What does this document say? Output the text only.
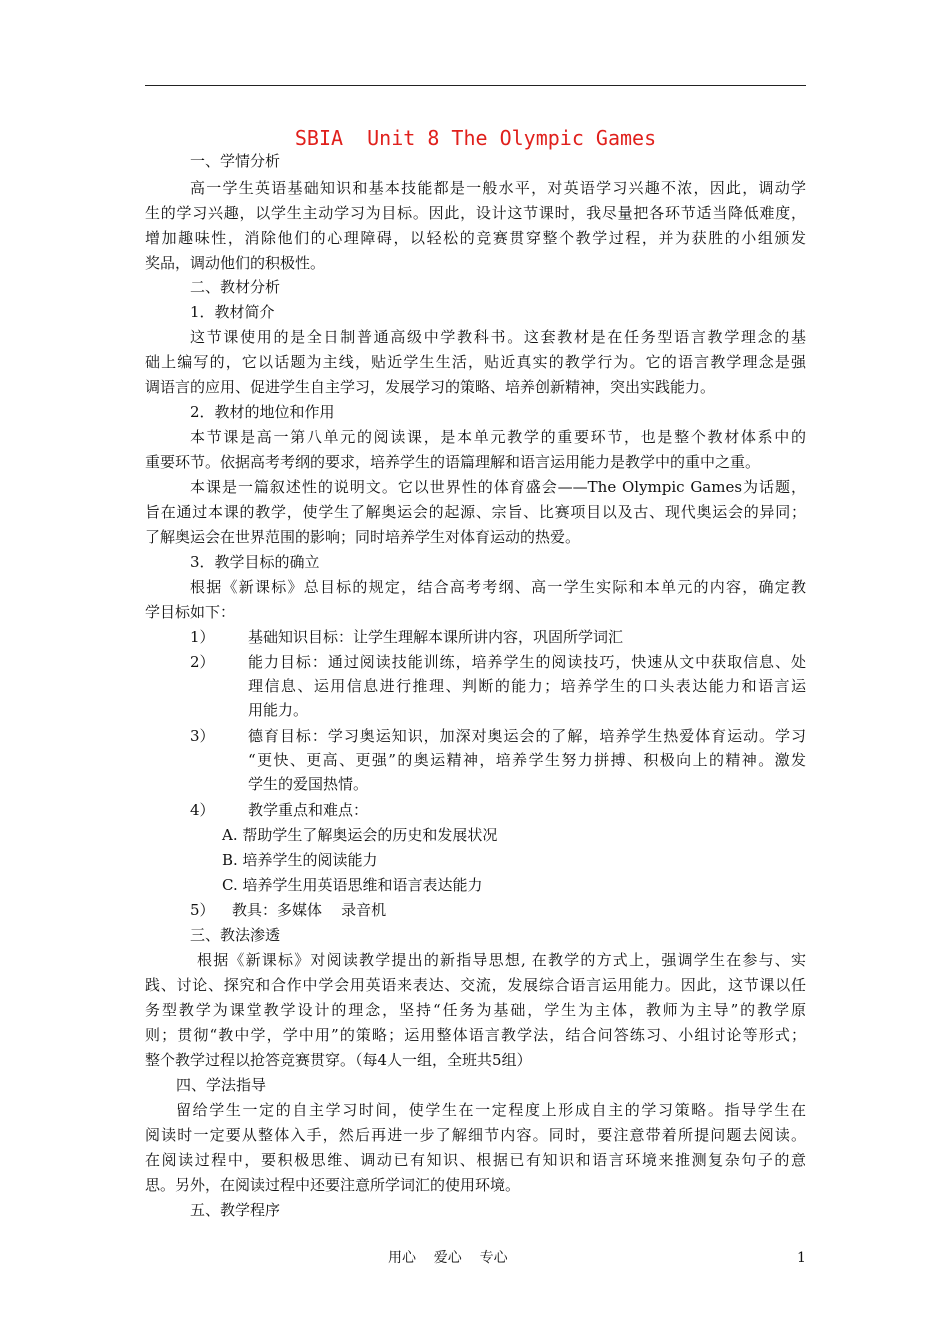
SBIA  Unit 8 The Olympic Games
一、学情分析
高一学生英语基础知识和基本技能都是一般水平，对英语学习兴趣不浓，因此，调动学
生的学习兴趣，以学生主动学习为目标。因此，设计这节课时，我尽量把各环节适当降低难度，
增加趣味性，消除他们的心理障碍，以轻松的竞赛贯穿整个教学过程，并为获胜的小组颁发
奖品，调动他们的积极性。
二、教材分析
1．教材简介
这节课使用的是全日制普通高级中学教科书。这套教材是在任务型语言教学理念的基
础上编写的，它以话题为主线，贴近学生生活，贴近真实的教学行为。它的语言教学理念是强
调语言的应用、促进学生自主学习，发展学习的策略、培养创新精神，突出实践能力。
2．教材的地位和作用
本节课是高一第八单元的阅读课，是本单元教学的重要环节，也是整个教材体系中的
重要环节。依据高考考纲的要求，培养学生的语篇理解和语言运用能力是教学中的重中之重。
本课是一篇叙述性的说明文。它以世界性的体育盛会——The Olympic Games为话题，
旨在通过本课的教学，使学生了解奥运会的起源、宗旨、比赛项目以及古、现代奥运会的异同；
了解奥运会在世界范围的影响；同时培养学生对体育运动的热爱。
3．教学目标的确立
根据《新课标》总目标的规定，结合高考考纲、高一学生实际和本单元的内容，确定教
学目标如下：
1） 基础知识目标：让学生理解本课所讲内容，巩固所学词汇
2） 能力目标：通过阅读技能训练，培养学生的阅读技巧，快速从文中获取信息、处
理信息、运用信息进行推理、判断的能力；培养学生的口头表达能力和语言运
用能力。
3） 德育目标：学习奥运知识，加深对奥运会的了解，培养学生热爱体育运动。学习
“更快、更高、更强”的奥运精神，培养学生努力拼搏、积极向上的精神。激发
学生的爱国热情。
4） 教学重点和难点：
A. 帮助学生了解奥运会的历史和发展状况
B. 培养学生的阅读能力
C. 培养学生用英语思维和语言表达能力
5） 教具：多媒体    录音机
三、教法渗透
根据《新课标》对阅读教学提出的新指导思想, 在教学的方式上，强调学生在参与、实
践、讨论、探究和合作中学会用英语来表达、交流，发展综合语言运用能力。因此，这节课以任
务型教学为课堂教学设计的理念，坚持“任务为基础，学生为主体，教师为主导”的教学原
则；贯彻“教中学，学中用”的策略；运用整体语言教学法，结合问答练习、小组讨论等形式；
整个教学过程以抢答竞赛贯穿。（每4人一组，全班共5组）
四、学法指导
留给学生一定的自主学习时间，使学生在一定程度上形成自主的学习策略。指导学生在
阅读时一定要从整体入手，然后再进一步了解细节内容。同时，要注意带着所提问题去阅读。
在阅读过程中，要积极思维、调动已有知识、根据已有知识和语言环境来推测复杂句子的意
思。另外，在阅读过程中还要注意所学词汇的使用环境。
五、教学程序
用心    爱心    专心	1
